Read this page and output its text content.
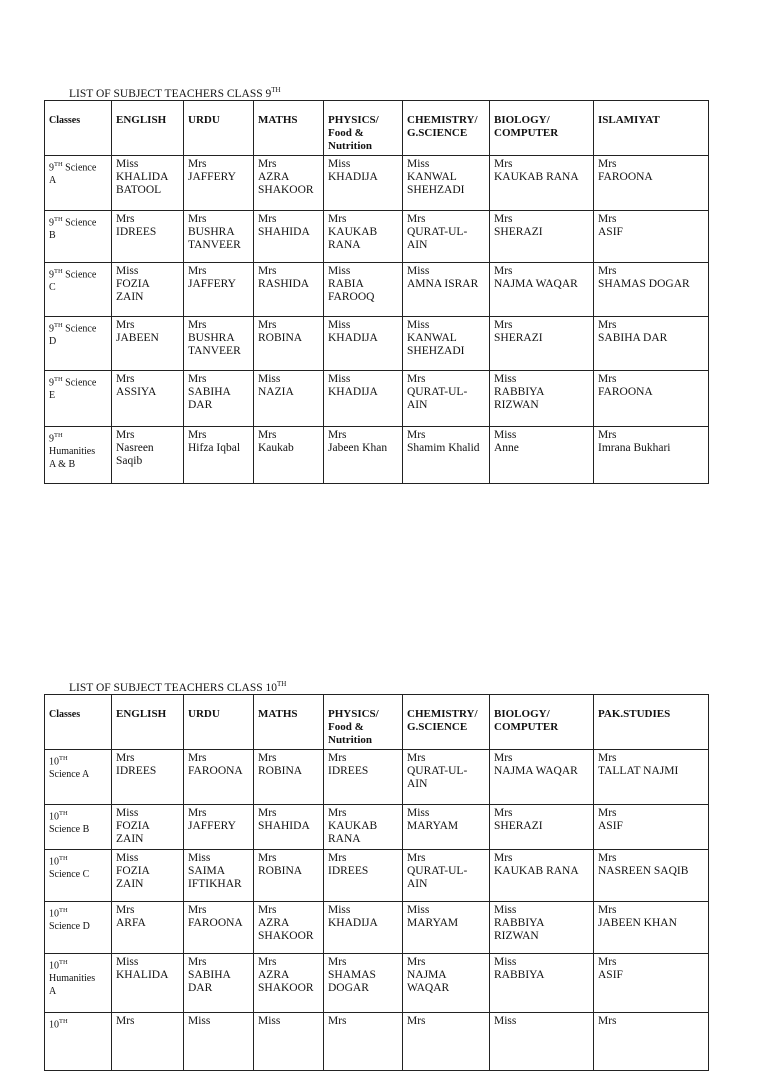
LIST OF SUBJECT TEACHERS CLASS 9TH
Classes	ENGLISH	URDU	MATHS	PHYSICS/
Food &
Nutrition	CHEMISTRY/
G.SCIENCE	BIOLOGY/
COMPUTER	ISLAMIYAT

9TH Science
A	Miss
KHALIDA
BATOOL	Mrs
JAFFERY	Mrs
AZRA
SHAKOOR	Miss
KHADIJA	Miss
KANWAL
SHEHZADI	Mrs
KAUKAB RANA	Mrs
FAROONA

9TH Science
B	Mrs
IDREES	Mrs
BUSHRA
TANVEER	Mrs
SHAHIDA	Mrs
KAUKAB
RANA	Mrs
QURAT-UL-
AIN	Mrs
SHERAZI	Mrs
ASIF

9TH Science
C	Miss
FOZIA
ZAIN	Mrs
JAFFERY	Mrs
RASHIDA	Miss
RABIA
FAROOQ	Miss
AMNA ISRAR	Mrs
NAJMA WAQAR	Mrs
SHAMAS DOGAR

9TH Science
D	Mrs
JABEEN	Mrs
BUSHRA
TANVEER	Mrs
ROBINA	Miss
KHADIJA	Miss
KANWAL
SHEHZADI	Mrs
SHERAZI	Mrs
SABIHA DAR

9TH Science
E	Mrs
ASSIYA	Mrs
SABIHA
DAR	Miss
NAZIA	Miss
KHADIJA	Mrs
QURAT-UL-
AIN	Miss
RABBIYA
RIZWAN	Mrs
FAROONA

9TH
Humanities
A & B	Mrs
Nasreen
Saqib	Mrs
Hifza Iqbal	Mrs
Kaukab	Mrs
Jabeen Khan	Mrs
Shamim Khalid	Miss
Anne	Mrs
Imrana Bukhari
LIST OF SUBJECT TEACHERS CLASS 10TH
Classes	ENGLISH	URDU	MATHS	PHYSICS/
Food &
Nutrition	CHEMISTRY/
G.SCIENCE	BIOLOGY/
COMPUTER	PAK.STUDIES

10TH
Science A	Mrs
IDREES	Mrs
FAROONA	Mrs
ROBINA	Mrs
IDREES	Mrs
QURAT-UL-
AIN	Mrs
NAJMA WAQAR	Mrs
TALLAT NAJMI

10TH
Science B	Miss
FOZIA
ZAIN	Mrs
JAFFERY	Mrs
SHAHIDA	Mrs
KAUKAB
RANA	Miss
MARYAM	Mrs
SHERAZI	Mrs
ASIF

10TH
Science C	Miss
FOZIA
ZAIN	Miss
SAIMA
IFTIKHAR	Mrs
ROBINA	Mrs
IDREES	Mrs
QURAT-UL-
AIN	Mrs
KAUKAB RANA	Mrs
NASREEN SAQIB

10TH
Science D	Mrs
ARFA	Mrs
FAROONA	Mrs
AZRA
SHAKOOR	Miss
KHADIJA	Miss
MARYAM	Miss
RABBIYA
RIZWAN	Mrs
JABEEN KHAN

10TH
Humanities
A	Miss
KHALIDA	Mrs
SABIHA
DAR	Mrs
AZRA
SHAKOOR	Mrs
SHAMAS
DOGAR	Mrs
NAJMA
WAQAR	Miss
RABBIYA	Mrs
ASIF

10TH	Mrs	Miss	Miss	Mrs	Mrs	Miss	Mrs
